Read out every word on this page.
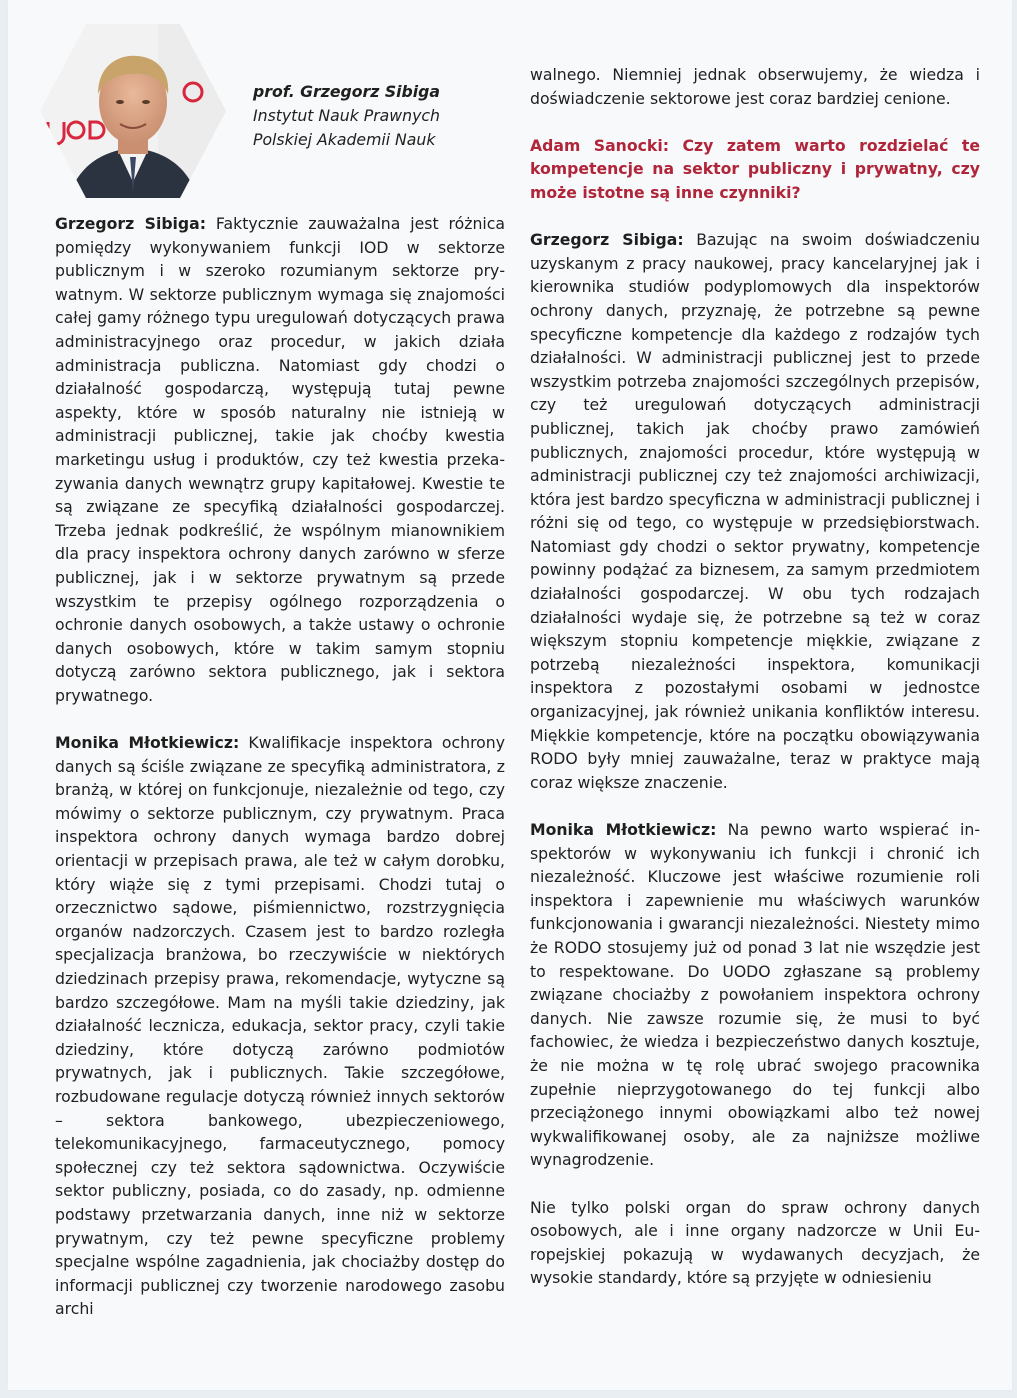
prof. Grzegorz Sibiga
Instytut Nauk Prawnych
Polskiej Akademii Nauk

Grzegorz Sibiga: Faktycznie zauważalna jest różnica pomiędzy wykonywaniem funkcji IOD w sektorze publicznym i w szeroko rozumianym sektorze prywatnym. W sektorze publicznym wymaga się znajomości całej gamy różnego typu uregulowań dotyczących prawa administracyjnego oraz procedur, w jakich działa administracja publiczna. Natomiast gdy chodzi o działalność gospodarczą, występują tutaj pewne aspekty, które w sposób naturalny nie istnieją w administracji publicznej, takie jak choćby kwestia marketingu usług i produktów, czy też kwestia przekazywania danych wewnątrz grupy kapitałowej. Kwestie te są związane ze specyfiką działalności gospodarczej. Trzeba jednak podkreślić, że wspólnym mianownikiem dla pracy inspektora ochrony danych zarówno w sferze publicznej, jak i w sektorze prywatnym są przede wszystkim te przepisy ogólnego rozporządzenia o ochronie danych osobowych, a także ustawy o ochronie danych osobowych, które w takim samym stopniu dotyczą zarówno sektora publicznego, jak i sektora prywatnego.

Monika Młotkiewicz: Kwalifikacje inspektora ochrony danych są ściśle związane ze specyfiką administratora, z branżą, w której on funkcjonuje, niezależnie od tego, czy mówimy o sektorze publicznym, czy prywatnym. Praca inspektora ochrony danych wymaga bardzo dobrej orientacji w przepisach prawa, ale też w całym dorobku, który wiąże się z tymi przepisami. Chodzi tutaj o orzecznictwo sądowe, piśmiennictwo, rozstrzygnięcia organów nadzorczych. Czasem jest to bardzo rozległa specjalizacja branżowa, bo rzeczywiście w niektórych dziedzinach przepisy prawa, rekomendacje, wytyczne są bardzo szczegółowe. Mam na myśli takie dziedziny, jak działalność lecznicza, edukacja, sektor pracy, czyli takie dziedziny, które dotyczą zarówno podmiotów prywatnych, jak i publicznych. Takie szczegółowe, rozbudowane regulacje dotyczą również innych sektorów – sektora bankowego, ubezpieczeniowego, telekomunikacyjnego, farmaceutycznego, pomocy społecznej czy też sektora sądownictwa. Oczywiście sektor publiczny, posiada, co do zasady, np. odmienne podstawy przetwarzania danych, inne niż w sektorze prywatnym, czy też pewne specyficzne problemy specjalne wspólne zagadnienia, jak chociażby dostęp do informacji publicznej czy tworzenie narodowego zasobu archi

walnego. Niemniej jednak obserwujemy, że wiedza i doświadczenie sektorowe jest coraz bardziej cenione.

Adam Sanocki: Czy zatem warto rozdzielać te kompetencje na sektor publiczny i prywatny, czy może istotne są inne czynniki?

Grzegorz Sibiga: Bazując na swoim doświadczeniu uzyskanym z pracy naukowej, pracy kancelaryjnej jak i kierownika studiów podyplomowych dla inspektorów ochrony danych, przyznaję, że potrzebne są pewne specyficzne kompetencje dla każdego z rodzajów tych działalności. W administracji publicznej jest to przede wszystkim potrzeba znajomości szczególnych przepisów, czy też uregulowań dotyczących administracji publicznej, takich jak choćby prawo zamówień publicznych, znajomości procedur, które występują w administracji publicznej czy też znajomości archiwizacji, która jest bardzo specyficzna w administracji publicznej i różni się od tego, co występuje w przedsiębiorstwach. Natomiast gdy chodzi o sektor prywatny, kompetencje powinny podążać za biznesem, za samym przedmiotem działalności gospodarczej. W obu tych rodzajach działalności wydaje się, że potrzebne są też w coraz większym stopniu kompetencje miękkie, związane z potrzebą niezależności inspektora, komunikacji inspektora z pozostałymi osobami w jednostce organizacyjnej, jak również unikania konfliktów interesu. Miękkie kompetencje, które na początku obowiązywania RODO były mniej zauważalne, teraz w praktyce mają coraz większe znaczenie.

Monika Młotkiewicz: Na pewno warto wspierać inspektorów w wykonywaniu ich funkcji i chronić ich niezależność. Kluczowe jest właściwe rozumienie roli inspektora i zapewnienie mu właściwych warunków funkcjonowania i gwarancji niezależności. Niestety mimo że RODO stosujemy już od ponad 3 lat nie wszędzie jest to respektowane. Do UODO zgłaszane są problemy związane chociażby z powołaniem inspektora ochrony danych. Nie zawsze rozumie się, że musi to być fachowiec, że wiedza i bezpieczeństwo danych kosztuje, że nie można w tę rolę ubrać swojego pracownika zupełnie nieprzygotowanego do tej funkcji albo przeciążonego innymi obowiązkami albo też nowej wykwalifikowanej osoby, ale za najniższe możliwe wynagrodzenie.

Nie tylko polski organ do spraw ochrony danych osobowych, ale i inne organy nadzorcze w Unii Europejskiej pokazują w wydawanych decyzjach, że wysokie standardy, które są przyjęte w odniesieniu
